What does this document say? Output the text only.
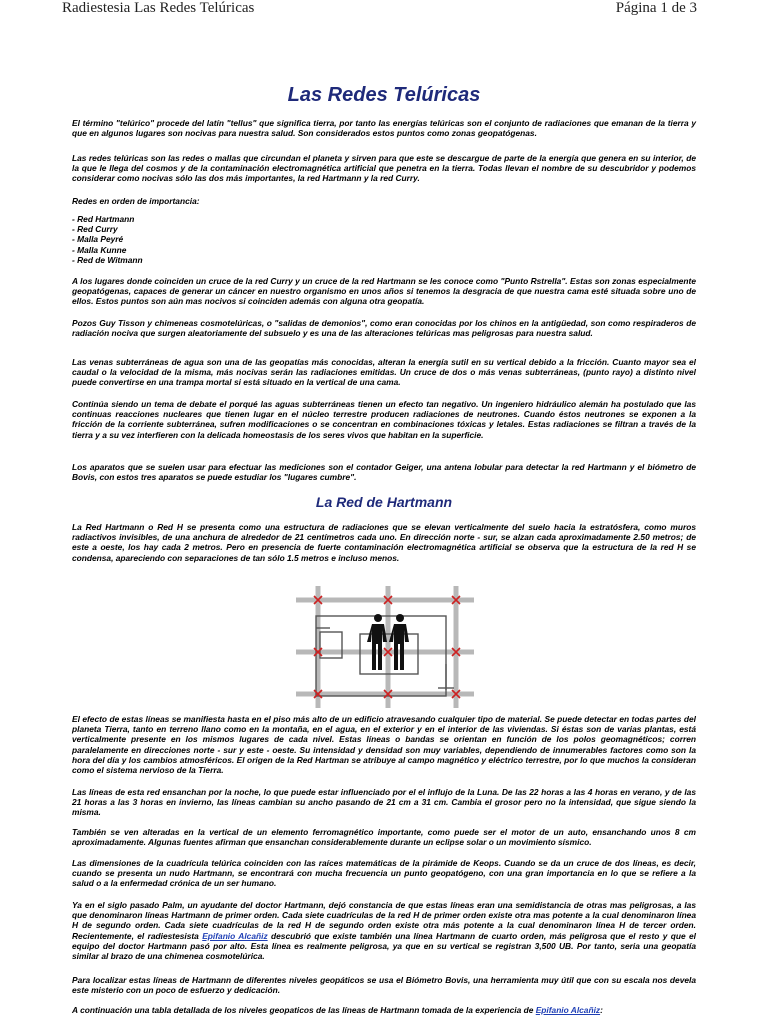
Radiestesia Las Redes Telúricas	Página 1 de 3
Las Redes Telúricas

El término "telúrico" procede del latín "tellus" que significa tierra, por tanto las energías telúricas son el conjunto de radiaciones que emanan de la tierra y que en algunos lugares son nocivas para nuestra salud. Son considerados estos puntos como zonas geopatógenas.

Las redes telúricas son las redes o mallas que circundan el planeta y sirven para que este se descargue de parte de la energía que genera en su interior, de la que le llega del cosmos y de la contaminación electromagnética artificial que penetra en la tierra. Todas llevan el nombre de su descubridor y podemos considerar como nocivas sólo las dos más importantes, la red Hartmann y la red Curry.

Redes en orden de importancia:

- Red Hartmann
- Red Curry
- Malla Peyré
- Malla Kunne
- Red de Witmann

A los lugares donde coinciden un cruce de la red Curry y un cruce de la red Hartmann se les conoce como "Punto Rstrella". Estas son zonas especialmente geopatógenas, capaces de generar un cáncer en nuestro organismo en unos años si tenemos la desgracia de que nuestra cama esté situada sobre uno de ellos. Estos puntos son aún mas nocivos si coinciden además con alguna otra geopatía.

Pozos Guy Tisson y chimeneas cosmotelúricas, o "salidas de demonios", como eran conocidas por los chinos en la antigüedad, son como respiraderos de radiación nociva que surgen aleatoriamente del subsuelo y es una de las alteraciones telúricas mas peligrosas para nuestra salud.

Las venas subterráneas de agua son una de las geopatías más conocidas, alteran la energía sutil en su vertical debido a la fricción. Cuanto mayor sea el caudal o la velocidad de la misma, más nocivas serán las radiaciones emitidas. Un cruce de dos o más venas subterráneas, (punto rayo) a distinto nivel puede convertirse en una trampa mortal si está situado en la vertical de una cama.

Continúa siendo un tema de debate el porqué las aguas subterráneas tienen un efecto tan negativo. Un ingeniero hidráulico alemán ha postulado que las continuas reacciones nucleares que tienen lugar en el núcleo terrestre producen radiaciones de neutrones. Cuando éstos neutrones se exponen a la fricción de la corriente subterránea, sufren modificaciones o se concentran en combinaciones tóxicas y letales. Estas radiaciones se filtran a través de la tierra y a su vez interfieren con la delicada homeostasis de los seres vivos que habitan en la superficie.

Los aparatos que se suelen usar para efectuar las mediciones son el contador Geiger, una antena lobular para detectar la red Hartmann y el biómetro de Bovis, con estos tres aparatos se puede estudiar los "lugares cumbre".

La Red de Hartmann

La Red Hartmann o Red H se presenta como una estructura de radiaciones que se elevan verticalmente del suelo hacia la estratósfera, como muros radiactivos invisibles, de una anchura de alrededor de 21 centímetros cada uno. En dirección norte - sur, se alzan cada aproximadamente 2.50 metros; de este a oeste, los hay cada 2 metros. Pero en presencia de fuerte contaminación electromagnética artificial se observa que la estructura de la red H se condensa, apareciendo con separaciones de tan sólo 1.5 metros e incluso menos.

El efecto de estas líneas se manifiesta hasta en el piso más alto de un edificio atravesando cualquier tipo de material. Se puede detectar en todas partes del planeta Tierra, tanto en terreno llano como en la montaña, en el agua, en el exterior y en el interior de las viviendas. Si éstas son de varias plantas, está verticalmente presente en los mismos lugares de cada nivel. Estas líneas o bandas se orientan en función de los polos geomagnéticos; corren paralelamente en direcciones norte - sur y este - oeste. Su intensidad y densidad son muy variables, dependiendo de innumerables factores como son la hora del día y los cambios atmosféricos. El origen de la Red Hartman se atribuye al campo magnético y eléctrico terrestre, por lo que muchos la consideran como el sistema nervioso de la Tierra.

Las líneas de esta red ensanchan por la noche, lo que puede estar influenciado por el el influjo de la Luna. De las 22 horas a las 4 horas en verano, y de las 21 horas a las 3 horas en invierno, las líneas cambian su ancho pasando de 21 cm a 31 cm. Cambia el grosor pero no la intensidad, que sigue siendo la misma.

También se ven alteradas en la vertical de un elemento ferromagnético importante, como puede ser el motor de un auto, ensanchando unos 8 cm aproximadamente. Algunas fuentes afirman que ensanchan considerablemente durante un eclipse solar o un movimiento sísmico.

Las dimensiones de la cuadrícula telúrica coinciden con las raíces matemáticas de la pirámide de Keops. Cuando se da un cruce de dos líneas, es decir, cuando se presenta un nudo Hartmann, se encontrará con mucha frecuencia un punto geopatógeno, con una gran importancia en lo que se refiere a la salud o a la enfermedad crónica de un ser humano.

Ya en el siglo pasado Palm, un ayudante del doctor Hartmann, dejó constancia de que estas líneas eran una semidistancia de otras mas peligrosas, a las que denominaron líneas Hartmann de primer orden. Cada siete cuadrículas de la red H de primer orden existe otra mas potente a la cual denominaron línea H de segundo orden. Cada siete cuadrículas de la red H de segundo orden existe otra más potente a la cual denominaron línea H de tercer orden. Recientemente, el radiestesista Epifanio Alcañiz descubrió que existe también una línea Hartmann de cuarto orden, más peligrosa que el resto y que el equipo del doctor Hartmann pasó por alto. Esta línea es realmente peligrosa, ya que en su vertical se registran 3,500 UB. Por tanto, seria una geopatía similar al brazo de una chimenea cosmotelúrica.

Para localizar estas líneas de Hartmann de diferentes niveles geopáticos se usa el Biómetro Bovis, una herramienta muy útil que con su escala nos devela este misterio con un poco de esfuerzo y dedicación.

A continuación una tabla detallada de los niveles geopaticos de las líneas de Hartmann tomada de la experiencia de Epifanio Alcañiz:
